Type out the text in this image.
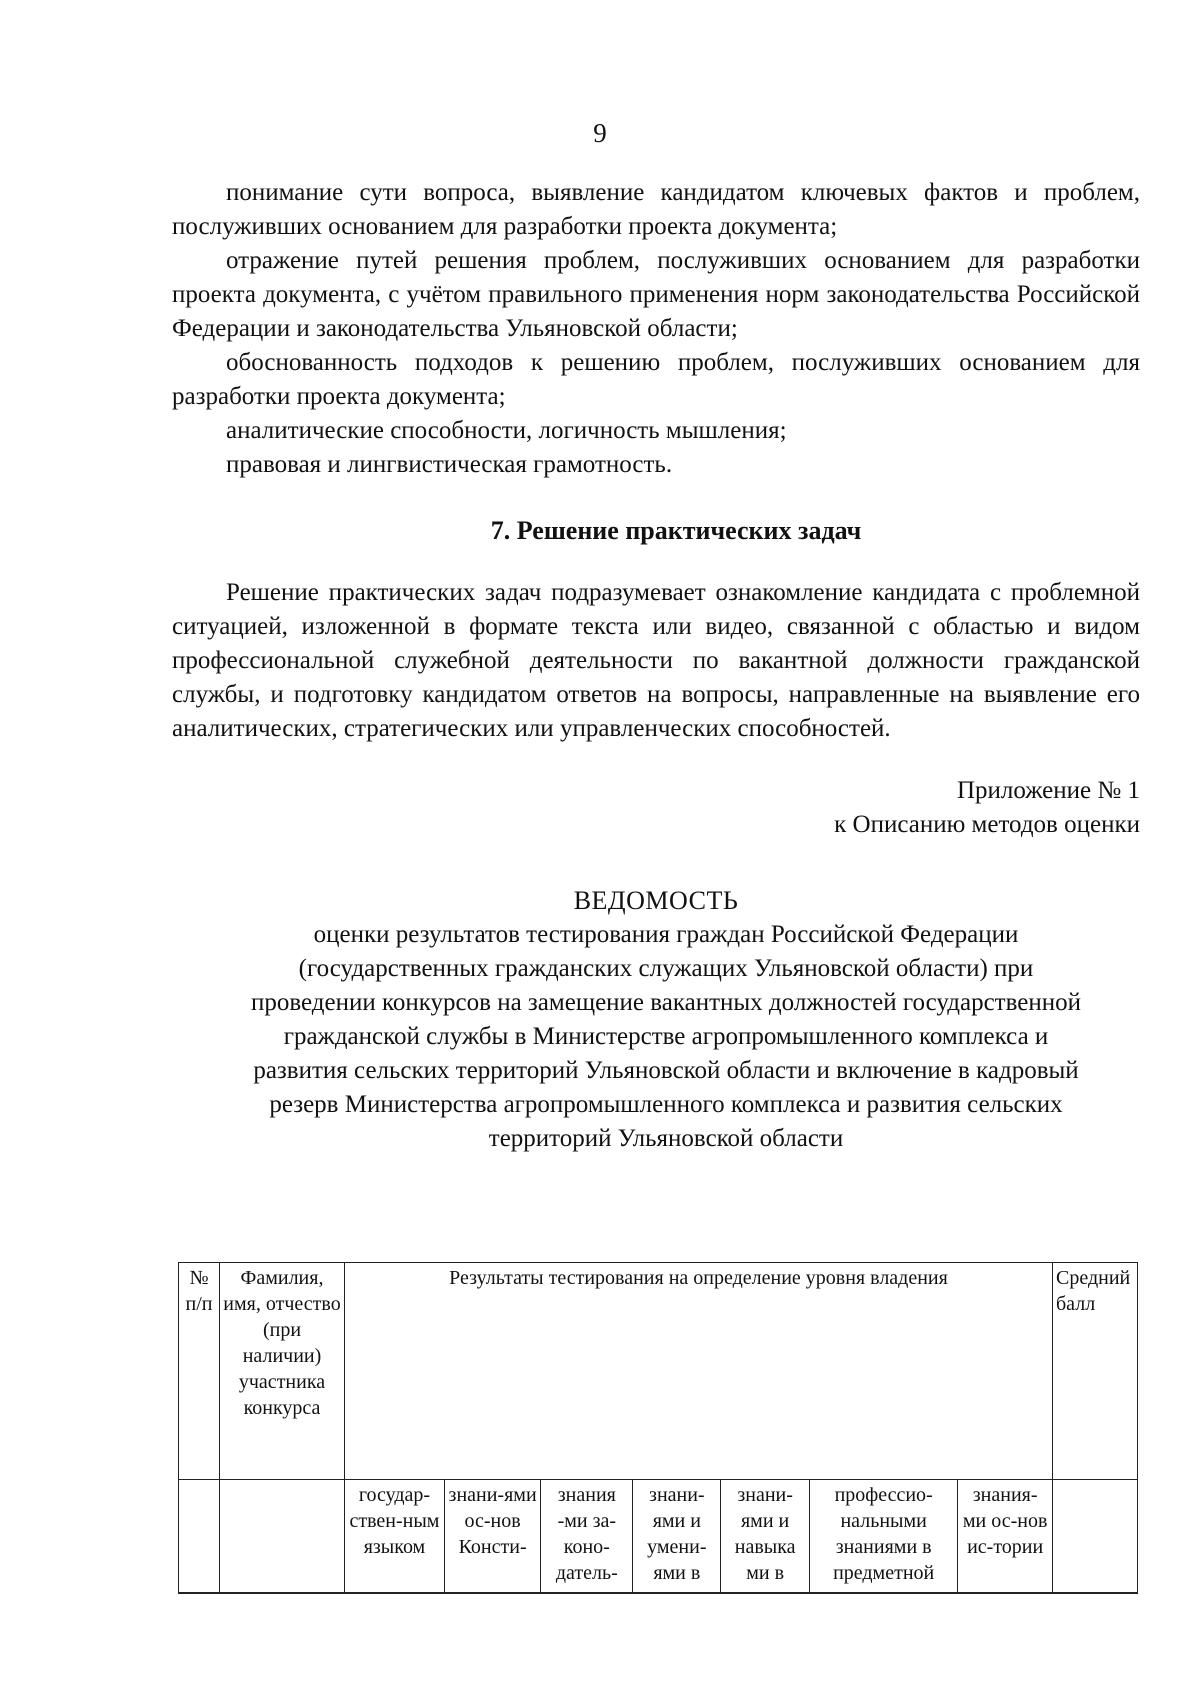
9

понимание сути вопроса, выявление кандидатом ключевых фактов и проблем, послуживших основанием для разработки проекта документа;

отражение путей решения проблем, послуживших основанием для разработки проекта документа, с учётом правильного применения норм законодательства Российской Федерации и законодательства Ульяновской области;

обоснованность подходов к решению проблем, послуживших основанием для разработки проекта документа;

аналитические способности, логичность мышления;

правовая и лингвистическая грамотность.

7. Решение практических задач

Решение практических задач подразумевает ознакомление кандидата с проблемной ситуацией, изложенной в формате текста или видео, связанной с областью и видом профессиональной служебной деятельности по вакантной должности гражданской службы, и подготовку кандидатом ответов на вопросы, направленные на выявление его аналитических, стратегических или управленческих способностей.

Приложение № 1
к Описанию методов оценки
ВЕДОМОСТЬ
оценки результатов тестирования граждан Российской Федерации (государственных гражданских служащих Ульяновской области) при проведении конкурсов на замещение вакантных должностей государственной гражданской службы в Министерстве агропромышленного комплекса и развития сельских территорий Ульяновской области и включение в кадровый резерв Министерства агропромышленного комплекса и развития сельских территорий Ульяновской области
№ п/п	Фамилия, имя, отчество (при наличии) участника конкурса	Результаты тестирования на определение уровня владения							Средний балл
		государ-ствен-ным языком	знани-ями ос-нов Консти-	знания -ми за-коно-датель-	знани-ями и умени-ями в	знани-ями и навыка ми в	профессио-нальными знаниями в предметной	знания-ми ос-нов ис-тории	
